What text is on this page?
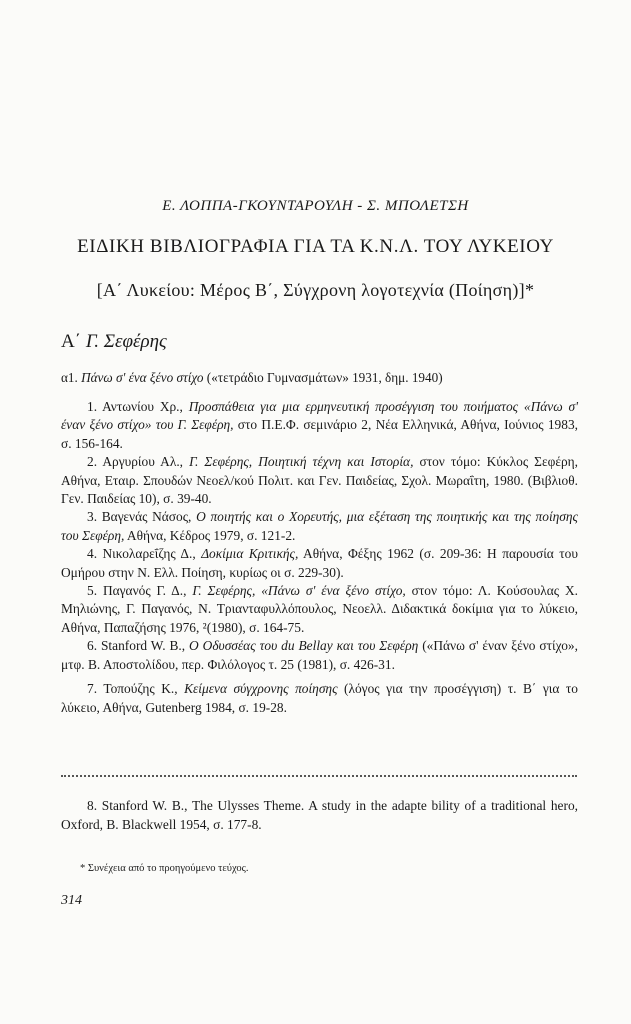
Ε. ΛΟΠΠΑ-ΓΚΟΥΝΤΑΡΟΥΛΗ - Σ. ΜΠΟΛΕΤΣΗ
ΕΙΔΙΚΗ ΒΙΒΛΙΟΓΡΑΦΙΑ ΓΙΑ ΤΑ Κ.Ν.Λ. ΤΟΥ ΛΥΚΕΙΟΥ
[Α΄ Λυκείου: Μέρος Β΄, Σύγχρονη λογοτεχνία (Ποίηση)]*
Α΄ Γ. Σεφέρης
α1. Πάνω σ' ένα ξένο στίχο («τετράδιο Γυμνασμάτων» 1931, δημ. 1940)

1. Αντωνίου Χρ., Προσπάθεια για μια ερμηνευτική προσέγγιση του ποιήματος «Πάνω σ' έναν ξένο στίχο» του Γ. Σεφέρη, στο Π.Ε.Φ. σεμινάριο 2, Νέα Ελληνικά, Αθήνα, Ιούνιος 1983, σ. 156-164.

2. Αργυρίου Αλ., Γ. Σεφέρης, Ποιητική τέχνη και Ιστορία, στον τόμο: Κύκλος Σεφέρη, Αθήνα, Εταιρ. Σπουδών Νεοελ/κού Πολιτ. και Γεν. Παιδείας, Σχολ. Μωραΐτη, 1980. (Βιβλιοθ. Γεν. Παιδείας 10), σ. 39-40.

3. Βαγενάς Νάσος, Ο ποιητής και ο Χορευτής, μια εξέταση της ποιητικής και της ποίησης του Σεφέρη, Αθήνα, Κέδρος 1979, σ. 121-2.

4. Νικολαρεΐζης Δ., Δοκίμια Κριτικής, Αθήνα, Φέξης 1962 (σ. 209-36: Η παρουσία του Ομήρου στην Ν. Ελλ. Ποίηση, κυρίως οι σ. 229-30).

5. Παγανός Γ. Δ., Γ. Σεφέρης, «Πάνω σ' ένα ξένο στίχο, στον τόμο: Λ. Κούσουλας Χ. Μηλιώνης, Γ. Παγανός, Ν. Τριανταφυλλόπουλος, Νεοελλ. Διδακτικά δοκίμια για το λύκειο, Αθήνα, Παπαζήσης 1976, ²(1980), σ. 164-75.

6. Stanford W. B., Ο Οδυσσέας του du Bellay και του Σεφέρη («Πάνω σ' έναν ξένο στίχο», μτφ. Β. Αποστολίδου, περ. Φιλόλογος τ. 25 (1981), σ. 426-31.

7. Τοπούζης Κ., Κείμενα σύγχρονης ποίησης (λόγος για την προσέγγιση) τ. Β΄ για το λύκειο, Αθήνα, Gutenberg 1984, σ. 19-28.

8. Stanford W. B., The Ulysses Theme. A study in the adapte bility of a traditional hero, Oxford, B. Blackwell 1954, σ. 177-8.

* Συνέχεια από το προηγούμενο τεύχος.
314
